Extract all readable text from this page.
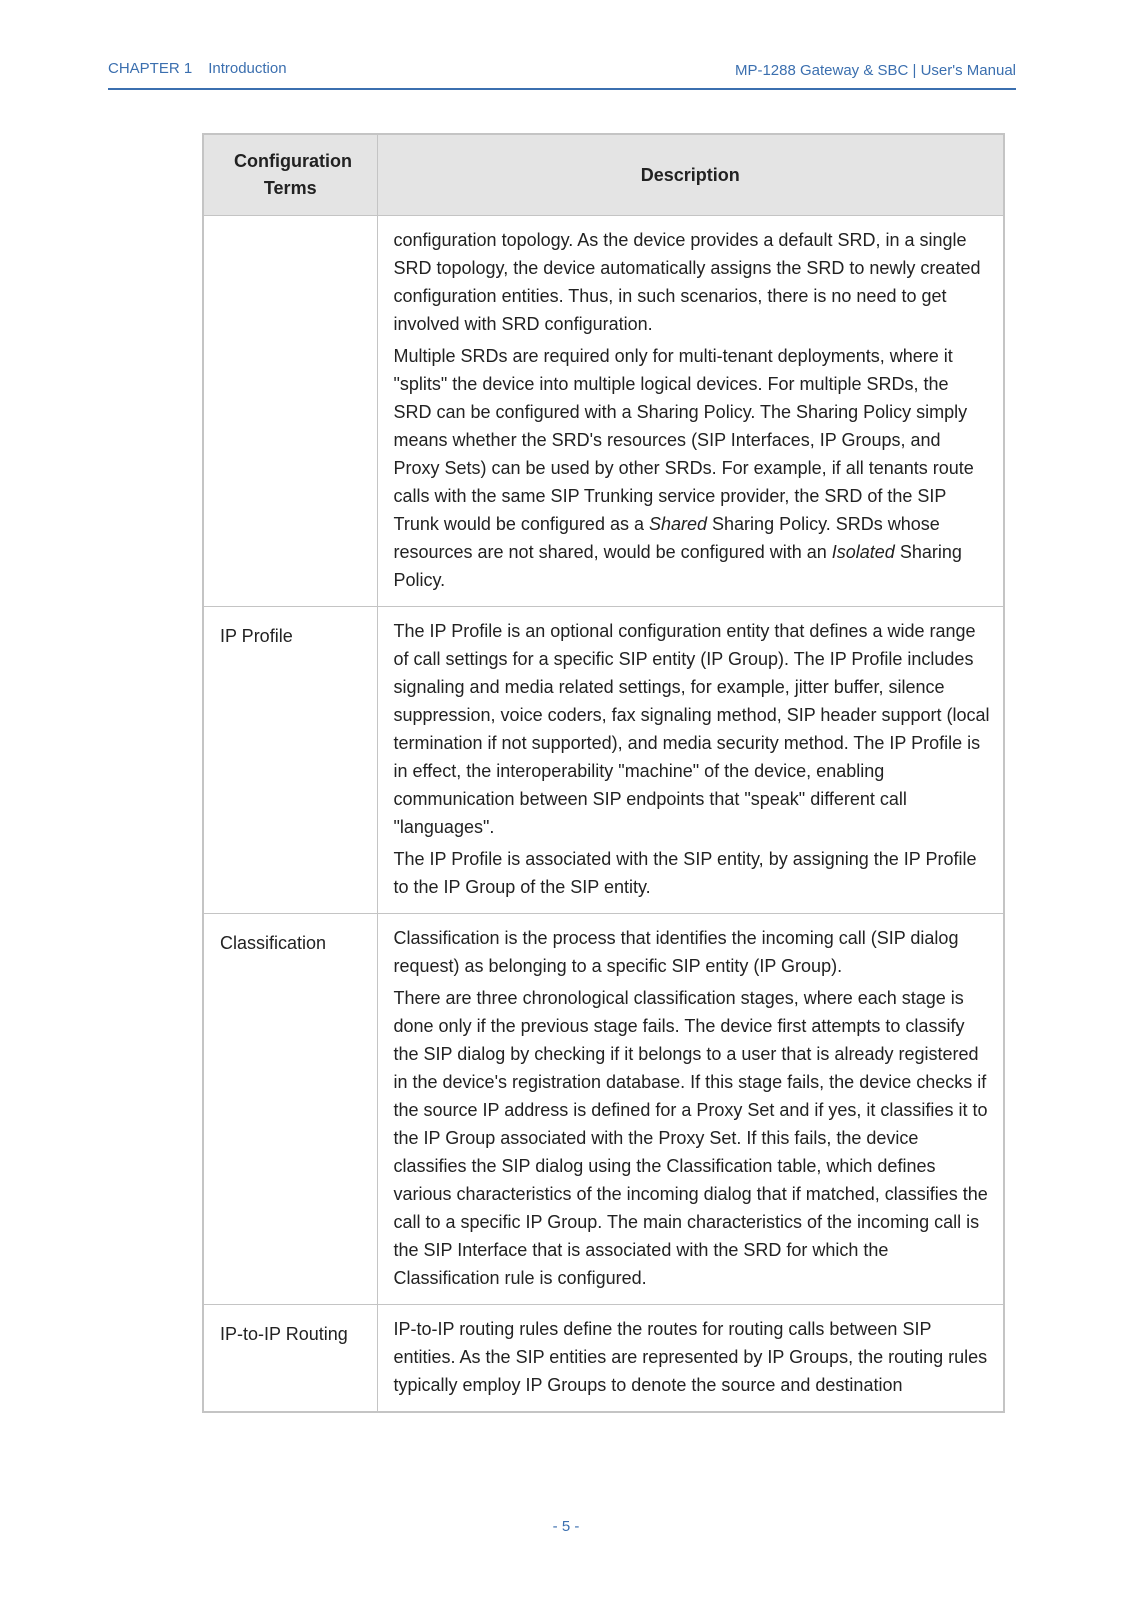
CHAPTER 1 Introduction	MP-1288 Gateway & SBC | User's Manual
Configuration Terms	Description

	configuration topology. As the device provides a default SRD, in a single SRD topology, the device automatically assigns the SRD to newly created configuration entities. Thus, in such scenarios, there is no need to get involved with SRD configuration.

Multiple SRDs are required only for multi-tenant deployments, where it "splits" the device into multiple logical devices. For multiple SRDs, the SRD can be configured with a Sharing Policy. The Sharing Policy simply means whether the SRD's resources (SIP Interfaces, IP Groups, and Proxy Sets) can be used by other SRDs. For example, if all tenants route calls with the same SIP Trunking service provider, the SRD of the SIP Trunk would be configured as a Shared Sharing Policy. SRDs whose resources are not shared, would be configured with an Isolated Sharing Policy.

IP Profile	The IP Profile is an optional configuration entity that defines a wide range of call settings for a specific SIP entity (IP Group). The IP Profile includes signaling and media related settings, for example, jitter buffer, silence suppression, voice coders, fax signaling method, SIP header support (local termination if not supported), and media security method. The IP Profile is in effect, the interoperability "machine" of the device, enabling communication between SIP endpoints that "speak" different call "languages".

The IP Profile is associated with the SIP entity, by assigning the IP Profile to the IP Group of the SIP entity.

Classification	Classification is the process that identifies the incoming call (SIP dialog request) as belonging to a specific SIP entity (IP Group).

There are three chronological classification stages, where each stage is done only if the previous stage fails. The device first attempts to classify the SIP dialog by checking if it belongs to a user that is already registered in the device's registration database. If this stage fails, the device checks if the source IP address is defined for a Proxy Set and if yes, it classifies it to the IP Group associated with the Proxy Set. If this fails, the device classifies the SIP dialog using the Classification table, which defines various characteristics of the incoming dialog that if matched, classifies the call to a specific IP Group. The main characteristics of the incoming call is the SIP Interface that is associated with the SRD for which the Classification rule is configured.

IP-to-IP Routing	IP-to-IP routing rules define the routes for routing calls between SIP entities. As the SIP entities are represented by IP Groups, the routing rules typically employ IP Groups to denote the source and destination

- 5 -
